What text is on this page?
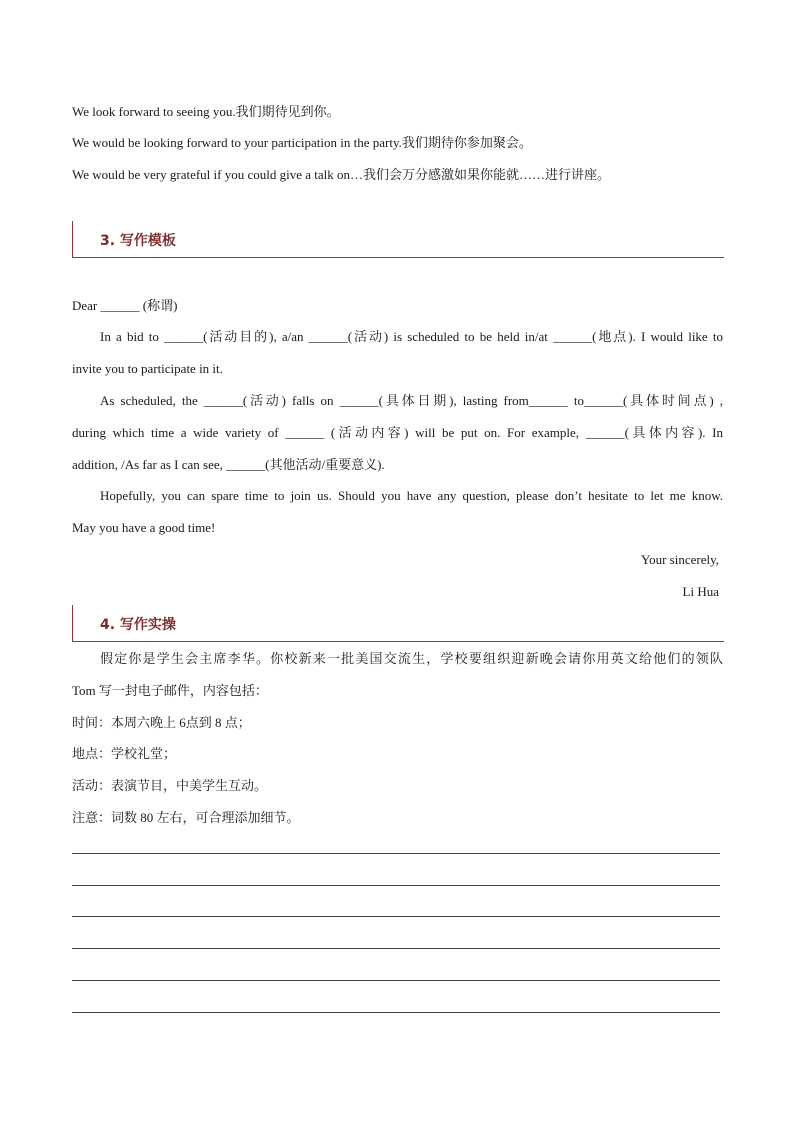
We look forward to seeing you.我们期待见到你。
We would be looking forward to your participation in the party.我们期待你参加聚会。
We would be very grateful if you could give a talk on…我们会万分感激如果你能就……进行讲座。
3. 写作模板
Dear ______ (称谓)
In a bid to ______(活动目的), a/an ______(活动) is scheduled to be held in/at ______(地点). I would like to
invite you to participate in it.
As scheduled, the ______(活动) falls on ______(具体日期), lasting from______ to______(具体时间点) ,
during which time a wide variety of ______ (活动内容) will be put on. For example, ______(具体内容). In
addition, /As far as I can see, ______(其他活动/重要意义).
Hopefully, you can spare time to join us. Should you have any question, please don’t hesitate to let me know.
May you have a good time!
Your sincerely,
Li Hua
4. 写作实操
假定你是学生会主席李华。你校新来一批美国交流生，学校要组织迎新晚会请你用英文给他们的领队
Tom 写一封电子邮件，内容包括：
时间：本周六晚上 6点到 8 点；
地点：学校礼堂；
活动：表演节目，中美学生互动。
注意：词数 80 左右，可合理添加细节。
